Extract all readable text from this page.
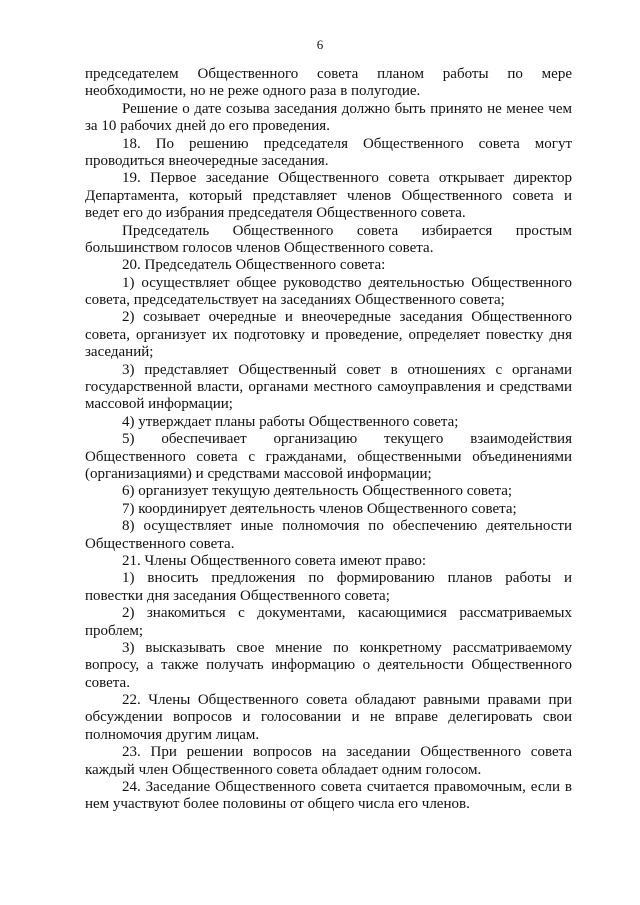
6
председателем Общественного совета планом работы по мере
необходимости, но не реже одного раза в полугодие.
Решение о дате созыва заседания должно быть принято не менее чем
за 10 рабочих дней до его проведения.
18. По решению председателя Общественного совета могут
проводиться внеочередные заседания.
19. Первое заседание Общественного совета открывает директор
Департамента, который представляет членов Общественного совета и
ведет его до избрания председателя Общественного совета.
Председатель Общественного совета избирается простым
большинством голосов членов Общественного совета.
20. Председатель Общественного совета:
1) осуществляет общее руководство деятельностью Общественного
совета, председательствует на заседаниях Общественного совета;
2) созывает очередные и внеочередные заседания Общественного
совета, организует их подготовку и проведение, определяет повестку дня
заседаний;
3) представляет Общественный совет в отношениях с органами
государственной власти, органами местного самоуправления и средствами
массовой информации;
4) утверждает планы работы Общественного совета;
5) обеспечивает организацию текущего взаимодействия
Общественного совета с гражданами, общественными объединениями
(организациями) и средствами массовой информации;
6) организует текущую деятельность Общественного совета;
7) координирует деятельность членов Общественного совета;
8) осуществляет иные полномочия по обеспечению деятельности
Общественного совета.
21. Члены Общественного совета имеют право:
1) вносить предложения по формированию планов работы и
повестки дня заседания Общественного совета;
2) знакомиться с документами, касающимися рассматриваемых
проблем;
3) высказывать свое мнение по конкретному рассматриваемому
вопросу, а также получать информацию о деятельности Общественного
совета.
22. Члены Общественного совета обладают равными правами при
обсуждении вопросов и голосовании и не вправе делегировать свои
полномочия другим лицам.
23. При решении вопросов на заседании Общественного совета
каждый член Общественного совета обладает одним голосом.
24. Заседание Общественного совета считается правомочным, если в
нем участвуют более половины от общего числа его членов.
